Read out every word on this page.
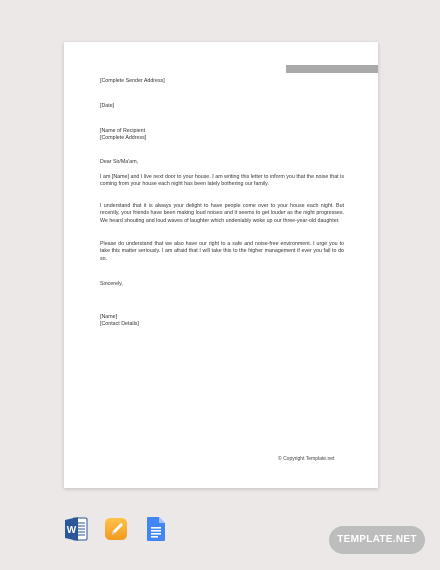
[Complete Sender Address]

[Date]

[Name of Recipient

[Complete Address]

Dear Sir/Ma'am,

I am [Name] and I live next door to your house. I am writing this letter to inform you that the noise that is coming from your house each night has been lately bothering our family.

I understand that it is always your delight to have people come over to your house each night. But recently, your friends have been making loud noises and it seems to get louder as the night progresses. We heard shouting and loud waves of laughter which undeniably woke up our three-year-old daughter.

Please do understand that we also have our right to a safe and noise-free environment. I urge you to take this matter seriously. I am afraid that I will take this to the higher management if ever you fail to do so.

Sincerely,

[Name]

[Contact Details]

© Copyright Template.net
W
TEMPLATE.NET
